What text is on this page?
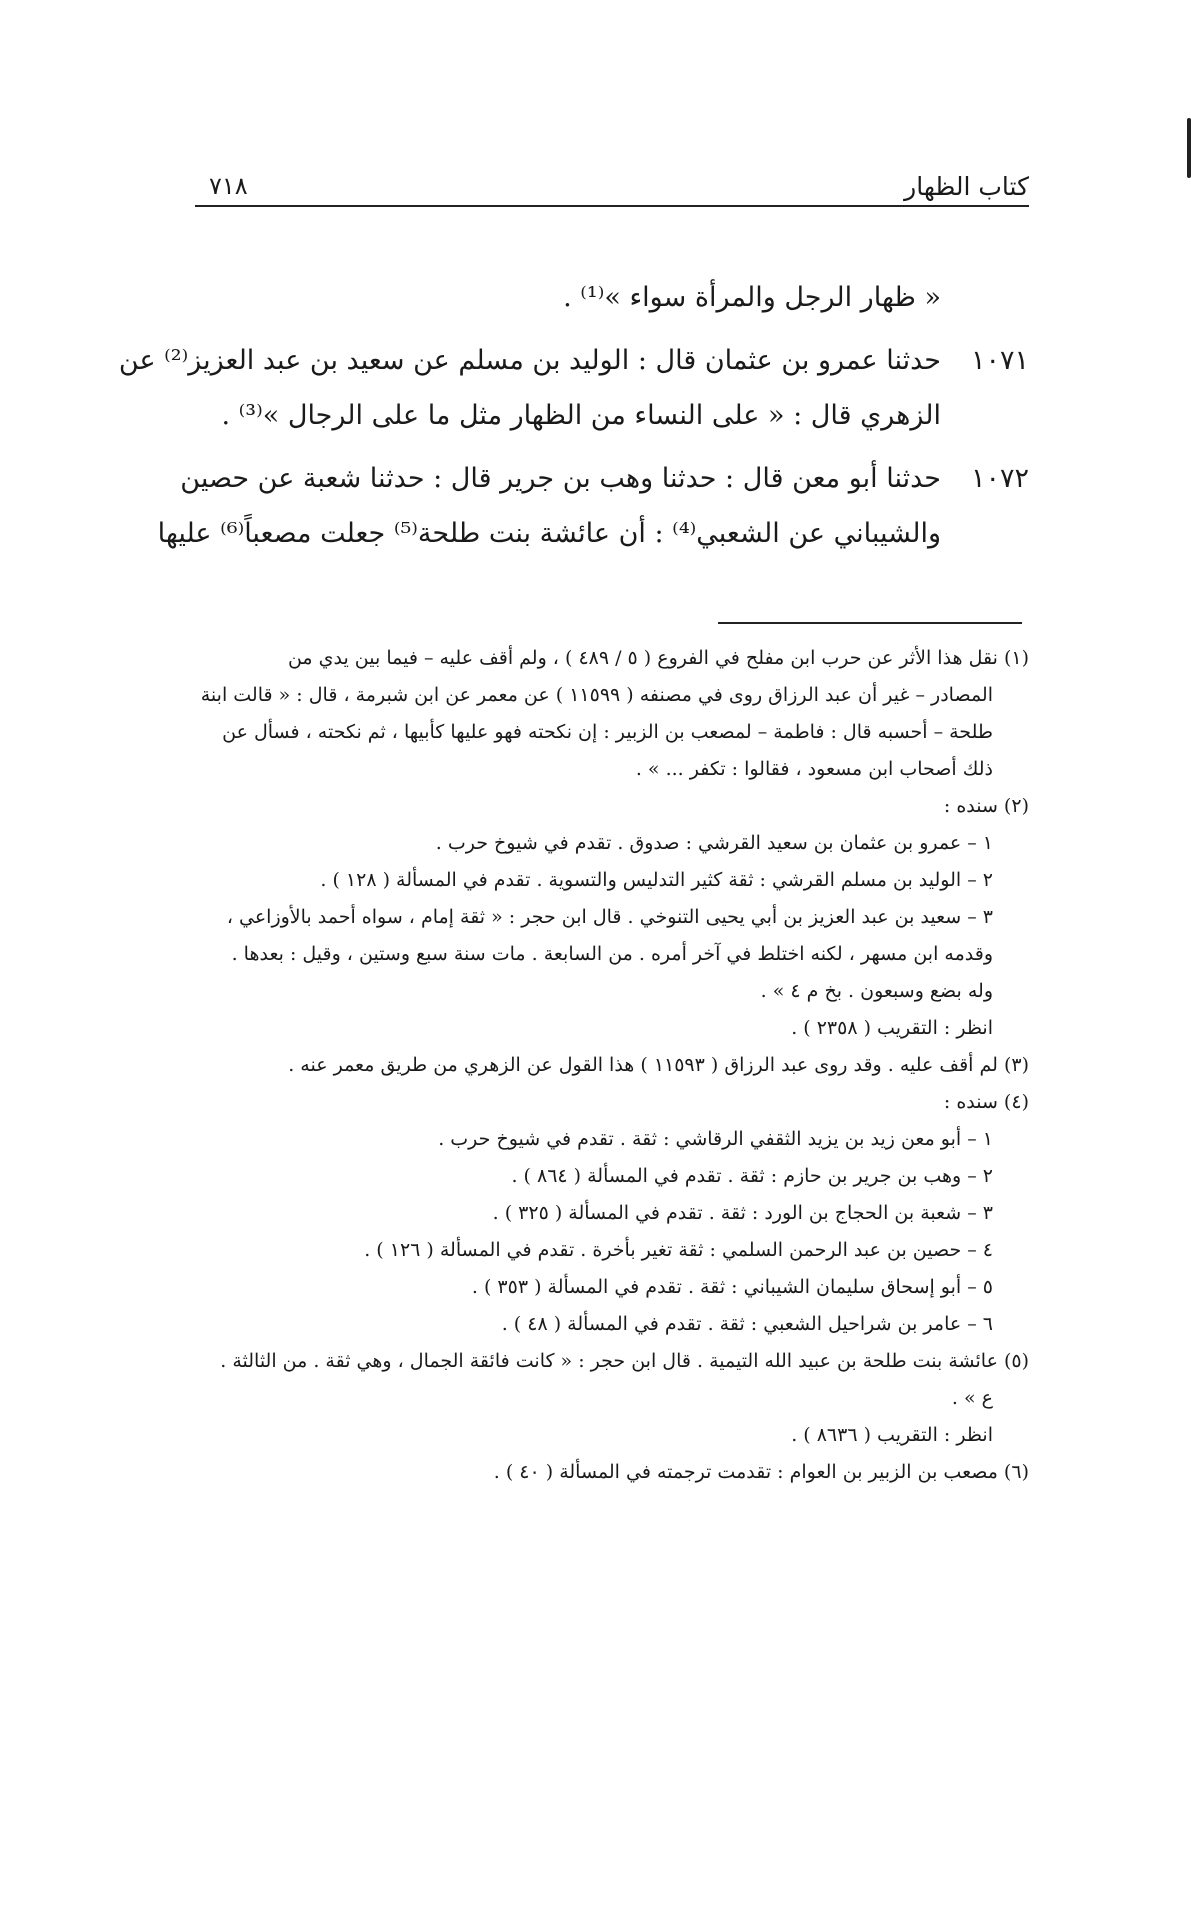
كتاب الظهار
٧١٨
« ظهار الرجل والمرأة سواء »⁽¹⁾ .
١٠٧١حدثنا عمرو بن عثمان قال : الوليد بن مسلم عن سعيد بن عبد العزيز⁽²⁾ عن
الزهري قال : « على النساء من الظهار مثل ما على الرجال »⁽³⁾ .
١٠٧٢حدثنا أبو معن قال : حدثنا وهب بن جرير قال : حدثنا شعبة عن حصين
والشيباني عن الشعبي⁽⁴⁾ : أن عائشة بنت طلحة⁽⁵⁾ جعلت مصعباً⁽⁶⁾ عليها
(١) نقل هذا الأثر عن حرب ابن مفلح في الفروع ( ٥ / ٤٨٩ ) ، ولم أقف عليه – فيما بين يدي من
المصادر – غير أن عبد الرزاق روى في مصنفه ( ١١٥٩٩ ) عن معمر عن ابن شبرمة ، قال : « قالت ابنة
طلحة – أحسبه قال : فاطمة – لمصعب بن الزبير : إن نكحته فهو عليها كأبيها ، ثم نكحته ، فسأل عن
ذلك أصحاب ابن مسعود ، فقالوا : تكفر ... » .
(٢) سنده :
١ – عمرو بن عثمان بن سعيد القرشي : صدوق . تقدم في شيوخ حرب .
٢ – الوليد بن مسلم القرشي : ثقة كثير التدليس والتسوية . تقدم في المسألة ( ١٢٨ ) .
٣ – سعيد بن عبد العزيز بن أبي يحيى التنوخي . قال ابن حجر : « ثقة إمام ، سواه أحمد بالأوزاعي ،
وقدمه ابن مسهر ، لكنه اختلط في آخر أمره . من السابعة . مات سنة سبع وستين ، وقيل : بعدها .
وله بضع وسبعون . بخ م ٤ » .
انظر : التقريب ( ٢٣٥٨ ) .
(٣) لم أقف عليه . وقد روى عبد الرزاق ( ١١٥٩٣ ) هذا القول عن الزهري من طريق معمر عنه .
(٤) سنده :
١ – أبو معن زيد بن يزيد الثقفي الرقاشي : ثقة . تقدم في شيوخ حرب .
٢ – وهب بن جرير بن حازم : ثقة . تقدم في المسألة ( ٨٦٤ ) .
٣ – شعبة بن الحجاج بن الورد : ثقة . تقدم في المسألة ( ٣٢٥ ) .
٤ – حصين بن عبد الرحمن السلمي : ثقة تغير بأخرة . تقدم في المسألة ( ١٢٦ ) .
٥ – أبو إسحاق سليمان الشيباني : ثقة . تقدم في المسألة ( ٣٥٣ ) .
٦ – عامر بن شراحيل الشعبي : ثقة . تقدم في المسألة ( ٤٨ ) .
(٥) عائشة بنت طلحة بن عبيد الله التيمية . قال ابن حجر : « كانت فائقة الجمال ، وهي ثقة . من الثالثة .
ع » .
انظر : التقريب ( ٨٦٣٦ ) .
(٦) مصعب بن الزبير بن العوام : تقدمت ترجمته في المسألة ( ٤٠ ) .
